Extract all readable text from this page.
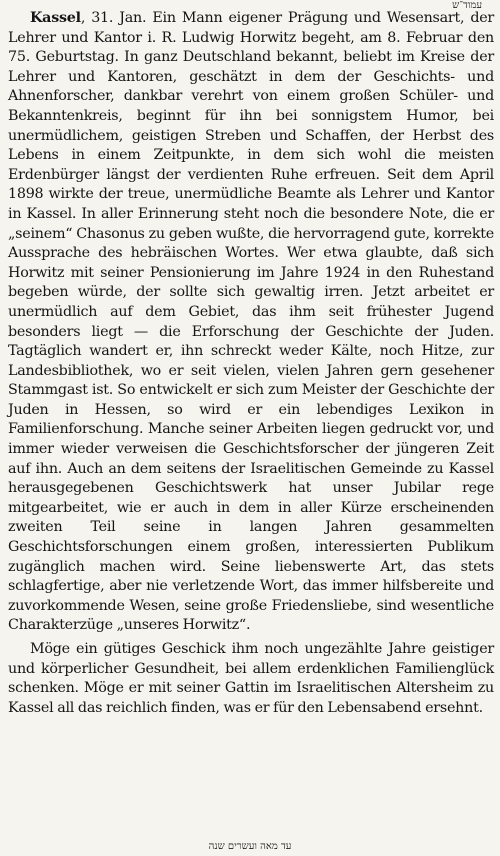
עמוד־ש

Kassel, 31. Jan. Ein Mann eigener Prägung und Wesensart, der Lehrer und Kantor i. R. Ludwig Horwitz begeht, am 8. Februar den 75. Geburtstag. In ganz Deutschland bekannt, beliebt im Kreise der Lehrer und Kantoren, geschätzt in dem der Geschichts- und Ahnenforscher, dankbar verehrt von einem großen Schüler- und Bekanntenkreis, beginnt für ihn bei sonnigstem Humor, bei unermüdlichem, geistigen Streben und Schaffen, der Herbst des Lebens in einem Zeitpunkte, in dem sich wohl die meisten Erdenbürger längst der verdienten Ruhe erfreuen. Seit dem April 1898 wirkte der treue, unermüdliche Beamte als Lehrer und Kantor in Kassel. In aller Erinnerung steht noch die besondere Note, die er „seinem“ Chasonus zu geben wußte, die hervorragend gute, korrekte Aussprache des hebräischen Wortes. Wer etwa glaubte, daß sich Horwitz mit seiner Pensionierung im Jahre 1924 in den Ruhestand begeben würde, der sollte sich gewaltig irren. Jetzt arbeitet er unermüdlich auf dem Gebiet, das ihm seit frühester Jugend besonders liegt — die Erforschung der Geschichte der Juden. Tagtäglich wandert er, ihn schreckt weder Kälte, noch Hitze, zur Landesbibliothek, wo er seit vielen, vielen Jahren gern gesehener Stammgast ist. So entwickelt er sich zum Meister der Geschichte der Juden in Hessen, so wird er ein lebendiges Lexikon in Familienforschung. Manche seiner Arbeiten liegen gedruckt vor, und immer wieder verweisen die Geschichtsforscher der jüngeren Zeit auf ihn. Auch an dem seitens der Israelitischen Gemeinde zu Kassel herausgegebenen Geschichtswerk hat unser Jubilar rege mitgearbeitet, wie er auch in dem in aller Kürze erscheinenden zweiten Teil seine in langen Jahren gesammelten Geschichtsforschungen einem großen, interessierten Publikum zugänglich machen wird. Seine liebenswerte Art, das stets schlagfertige, aber nie verletzende Wort, das immer hilfsbereite und zuvorkommende Wesen, seine große Friedensliebe, sind wesentliche Charakterzüge „unseres Horwitz“.

Möge ein gütiges Geschick ihm noch ungezählte Jahre geistiger und körperlicher Gesundheit, bei allem erdenklichen Familienglück schenken. Möge er mit seiner Gattin im Israelitischen Altersheim zu Kassel all das reichlich finden, was er für den Lebensabend ersehnt.

עד מאה ועשרים שנה
